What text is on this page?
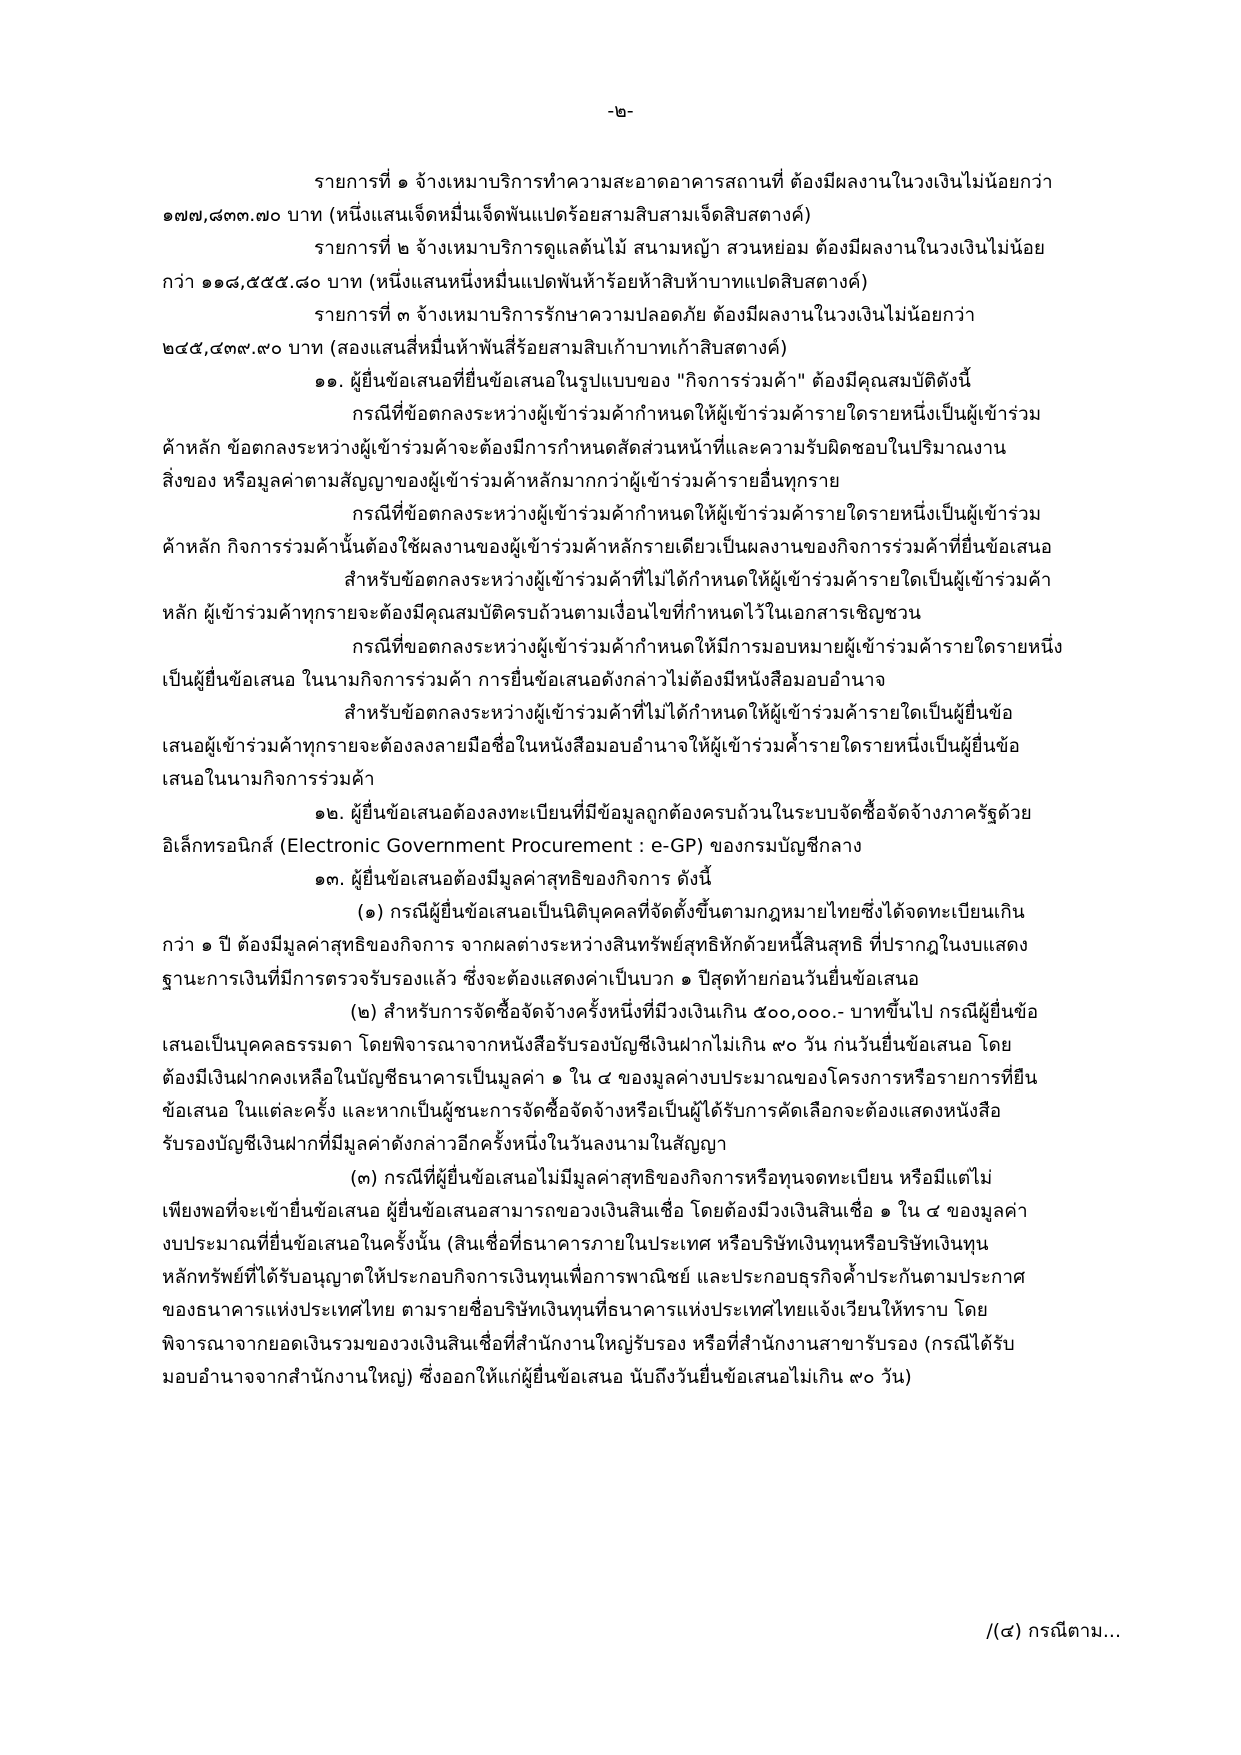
-๒-
รายการที่ ๑ จ้างเหมาบริการทำความสะอาดอาคารสถานที่ ต้องมีผลงานในวงเงินไม่น้อยกว่า
๑๗๗,๘๓๓.๗๐ บาท (หนึ่งแสนเจ็ดหมื่นเจ็ดพันแปดร้อยสามสิบสามเจ็ดสิบสตางค์)
รายการที่ ๒ จ้างเหมาบริการดูแลต้นไม้ สนามหญ้า สวนหย่อม ต้องมีผลงานในวงเงินไม่น้อย
กว่า ๑๑๘,๕๕๕.๘๐ บาท (หนึ่งแสนหนึ่งหมื่นแปดพันห้าร้อยห้าสิบห้าบาทแปดสิบสตางค์)
รายการที่ ๓ จ้างเหมาบริการรักษาความปลอดภัย ต้องมีผลงานในวงเงินไม่น้อยกว่า
๒๔๕,๔๓๙.๙๐ บาท (สองแสนสี่หมื่นห้าพันสี่ร้อยสามสิบเก้าบาทเก้าสิบสตางค์)
๑๑. ผู้ยื่นข้อเสนอที่ยื่นข้อเสนอในรูปแบบของ "กิจการร่วมค้า" ต้องมีคุณสมบัติดังนี้
กรณีที่ข้อตกลงระหว่างผู้เข้าร่วมค้ากำหนดให้ผู้เข้าร่วมค้ารายใดรายหนึ่งเป็นผู้เข้าร่วม
ค้าหลัก ข้อตกลงระหว่างผู้เข้าร่วมค้าจะต้องมีการกำหนดสัดส่วนหน้าที่และความรับผิดชอบในปริมาณงาน
สิ่งของ หรือมูลค่าตามสัญญาของผู้เข้าร่วมค้าหลักมากกว่าผู้เข้าร่วมค้ารายอื่นทุกราย
กรณีที่ข้อตกลงระหว่างผู้เข้าร่วมค้ากำหนดให้ผู้เข้าร่วมค้ารายใดรายหนึ่งเป็นผู้เข้าร่วม
ค้าหลัก กิจการร่วมค้านั้นต้องใช้ผลงานของผู้เข้าร่วมค้าหลักรายเดียวเป็นผลงานของกิจการร่วมค้าที่ยื่นข้อเสนอ
สำหรับข้อตกลงระหว่างผู้เข้าร่วมค้าที่ไม่ได้กำหนดให้ผู้เข้าร่วมค้ารายใดเป็นผู้เข้าร่วมค้า
หลัก ผู้เข้าร่วมค้าทุกรายจะต้องมีคุณสมบัติครบถ้วนตามเงื่อนไขที่กำหนดไว้ในเอกสารเชิญชวน
กรณีที่ขอตกลงระหว่างผู้เข้าร่วมค้ากำหนดให้มีการมอบหมายผู้เข้าร่วมค้ารายใดรายหนึ่ง
เป็นผู้ยื่นข้อเสนอ ในนามกิจการร่วมค้า การยื่นข้อเสนอดังกล่าวไม่ต้องมีหนังสือมอบอำนาจ
สำหรับข้อตกลงระหว่างผู้เข้าร่วมค้าที่ไม่ได้กำหนดให้ผู้เข้าร่วมค้ารายใดเป็นผู้ยื่นข้อ
เสนอผู้เข้าร่วมค้าทุกรายจะต้องลงลายมือชื่อในหนังสือมอบอำนาจให้ผู้เข้าร่วมค้ำรายใดรายหนึ่งเป็นผู้ยื่นข้อ
เสนอในนามกิจการร่วมค้า
๑๒. ผู้ยื่นข้อเสนอต้องลงทะเบียนที่มีข้อมูลถูกต้องครบถ้วนในระบบจัดซื้อจัดจ้างภาครัฐด้วย
อิเล็กทรอนิกส์ (Electronic Government Procurement : e-GP) ของกรมบัญชีกลาง
๑๓. ผู้ยื่นข้อเสนอต้องมีมูลค่าสุทธิของกิจการ ดังนี้
(๑) กรณีผู้ยื่นข้อเสนอเป็นนิติบุคคลที่จัดตั้งขึ้นตามกฎหมายไทยซึ่งได้จดทะเบียนเกิน
กว่า ๑ ปี ต้องมีมูลค่าสุทธิของกิจการ จากผลต่างระหว่างสินทรัพย์สุทธิหักด้วยหนี้สินสุทธิ ที่ปรากฎในงบแสดง
ฐานะการเงินที่มีการตรวจรับรองแล้ว ซึ่งจะต้องแสดงค่าเป็นบวก ๑ ปีสุดท้ายก่อนวันยื่นข้อเสนอ
(๒) สำหรับการจัดซื้อจัดจ้างครั้งหนึ่งที่มีวงเงินเกิน ๕๐๐,๐๐๐.- บาทขึ้นไป กรณีผู้ยื่นข้อ
เสนอเป็นบุคคลธรรมดา โดยพิจารณาจากหนังสือรับรองบัญชีเงินฝากไม่เกิน ๙๐ วัน ก่นวันยื่นข้อเสนอ โดย
ต้องมีเงินฝากคงเหลือในบัญชีธนาคารเป็นมูลค่า ๑ ใน ๔ ของมูลค่างบประมาณของโครงการหรือรายการที่ยืน
ข้อเสนอ ในแต่ละครั้ง และหากเป็นผู้ชนะการจัดซื้อจัดจ้างหรือเป็นผู้ได้รับการคัดเลือกจะต้องแสดงหนังสือ
รับรองบัญชีเงินฝากที่มีมูลค่าดังกล่าวอีกครั้งหนึ่งในวันลงนามในสัญญา
(๓) กรณีที่ผู้ยื่นข้อเสนอไม่มีมูลค่าสุทธิของกิจการหรือทุนจดทะเบียน หรือมีแต่ไม่
เพียงพอที่จะเข้ายื่นข้อเสนอ ผู้ยื่นข้อเสนอสามารถขอวงเงินสินเชื่อ โดยต้องมีวงเงินสินเชื่อ ๑ ใน ๔ ของมูลค่า
งบประมาณที่ยื่นข้อเสนอในครั้งนั้น (สินเชื่อที่ธนาคารภายในประเทศ หรือบริษัทเงินทุนหรือบริษัทเงินทุน
หลักทรัพย์ที่ได้รับอนุญาตให้ประกอบกิจการเงินทุนเพื่อการพาณิชย์ และประกอบธุรกิจค้ำประกันตามประกาศ
ของธนาคารแห่งประเทศไทย ตามรายชื่อบริษัทเงินทุนที่ธนาคารแห่งประเทศไทยแจ้งเวียนให้ทราบ โดย
พิจารณาจากยอดเงินรวมของวงเงินสินเชื่อที่สำนักงานใหญ่รับรอง หรือที่สำนักงานสาขารับรอง (กรณีได้รับ
มอบอำนาจจากสำนักงานใหญ่) ซึ่งออกให้แก่ผู้ยื่นข้อเสนอ นับถึงวันยื่นข้อเสนอไม่เกิน ๙๐ วัน)
/(๔) กรณีตาม...
